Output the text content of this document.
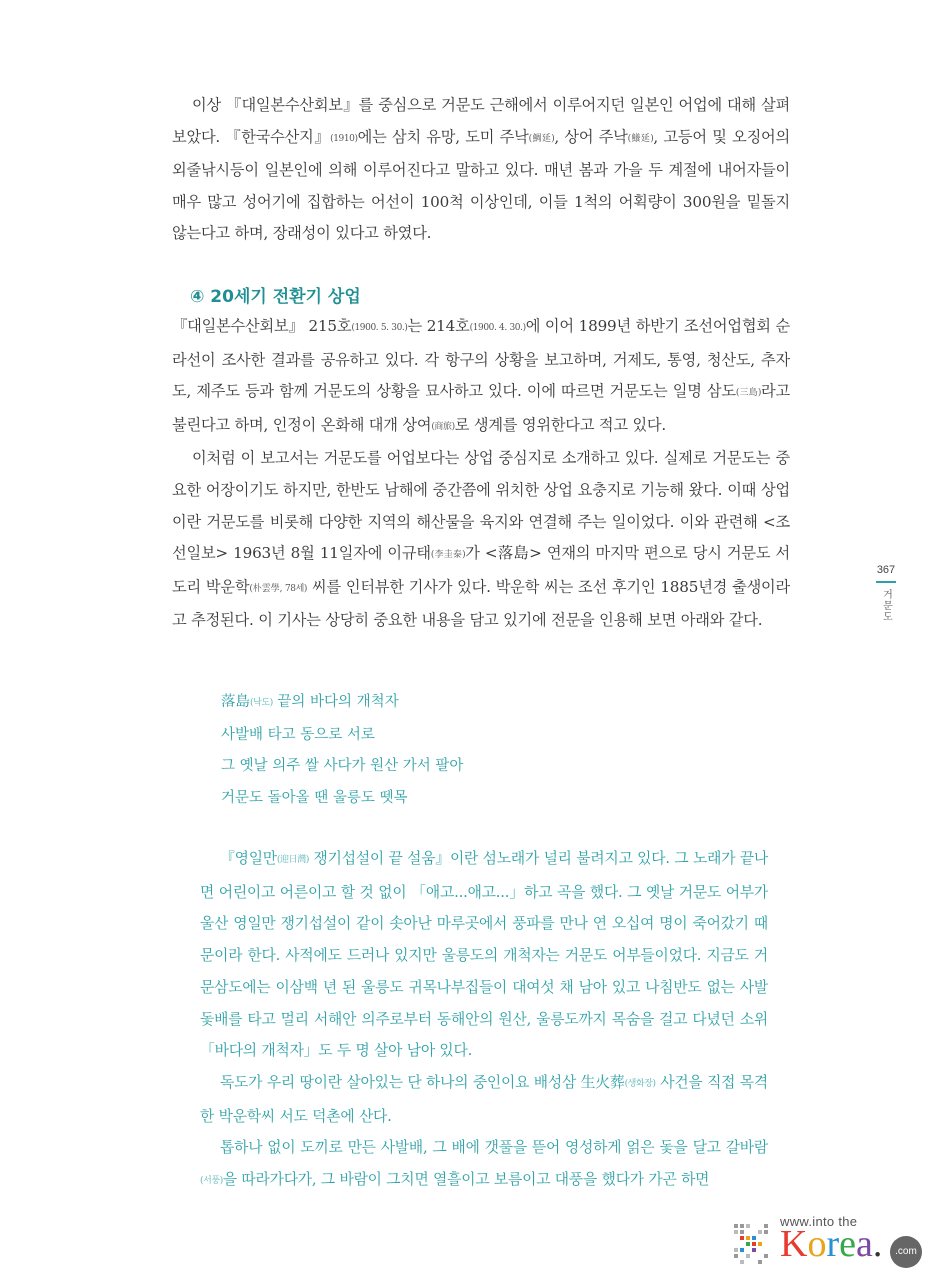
이상 『대일본수산회보』를 중심으로 거문도 근해에서 이루어지던 일본인 어업에 대해 살펴보았다. 『한국수산지』(1910)에는 삼치 유망, 도미 주낙(鯛延), 상어 주낙(鱶延), 고등어 및 오징어의 외줄낚시등이 일본인에 의해 이루어진다고 말하고 있다. 매년 봄과 가을 두 계절에 내어자들이 매우 많고 성어기에 집합하는 어선이 100척 이상인데, 이들 1척의 어획량이 300원을 밑돌지 않는다고 하며, 장래성이 있다고 하였다.

④ 20세기 전환기 상업

『대일본수산회보』 215호(1900. 5. 30.)는 214호(1900. 4. 30.)에 이어 1899년 하반기 조선어업협회 순라선이 조사한 결과를 공유하고 있다. 각 항구의 상황을 보고하며, 거제도, 통영, 청산도, 추자도, 제주도 등과 함께 거문도의 상황을 묘사하고 있다. 이에 따르면 거문도는 일명 삼도(三島)라고 불린다고 하며, 인정이 온화해 대개 상여(商旅)로 생계를 영위한다고 적고 있다.

이처럼 이 보고서는 거문도를 어업보다는 상업 중심지로 소개하고 있다. 실제로 거문도는 중요한 어장이기도 하지만, 한반도 남해에 중간쯤에 위치한 상업 요충지로 기능해 왔다. 이때 상업이란 거문도를 비롯해 다양한 지역의 해산물을 육지와 연결해 주는 일이었다. 이와 관련해 <조선일보> 1963년 8월 11일자에 이규태(李圭泰)가 <落島> 연재의 마지막 편으로 당시 거문도 서도리 박운학(朴雲學, 78세) 씨를 인터뷰한 기사가 있다. 박운학 씨는 조선 후기인 1885년경 출생이라고 추정된다. 이 기사는 상당히 중요한 내용을 담고 있기에 전문을 인용해 보면 아래와 같다.

落島(낙도) 끝의 바다의 개척자
사발배 타고 동으로 서로
그 옛날 의주 쌀 사다가 원산 가서 팔아
거문도 돌아올 땐 울릉도 뗏목

『영일만(迎日灣) 쟁기섭설이 끝 설움』이란 섬노래가 널리 불려지고 있다. 그 노래가 끝나면 어린이고 어른이고 할 것 없이 「애고...애고...」하고 곡을 했다. 그 옛날 거문도 어부가 울산 영일만 쟁기섭설이 같이 솟아난 마루곳에서 풍파를 만나 연 오십여 명이 죽어갔기 때문이라 한다. 사적에도 드러나 있지만 울릉도의 개척자는 거문도 어부들이었다. 지금도 거문삼도에는 이삼백 년 된 울릉도 귀목나부집들이 대여섯 채 남아 있고 나침반도 없는 사발돛배를 타고 멀리 서해안 의주로부터 동해안의 원산, 울릉도까지 목숨을 걸고 다녔던 소위 「바다의 개척자」도 두 명 살아 남아 있다.

독도가 우리 땅이란 살아있는 단 하나의 중인이요 배성삼 生火葬(생화장) 사건을 직접 목격한 박운학씨 서도 덕촌에 산다.

톱하나 없이 도끼로 만든 사발배, 그 배에 갯풀을 뜯어 영성하게 얽은 돛을 달고 갈바람(서풍)을 따라가다가, 그 바람이 그치면 열흘이고 보름이고 대풍을 했다가 가곤 하면

367
거문도
www.into the
Korea.	.com
